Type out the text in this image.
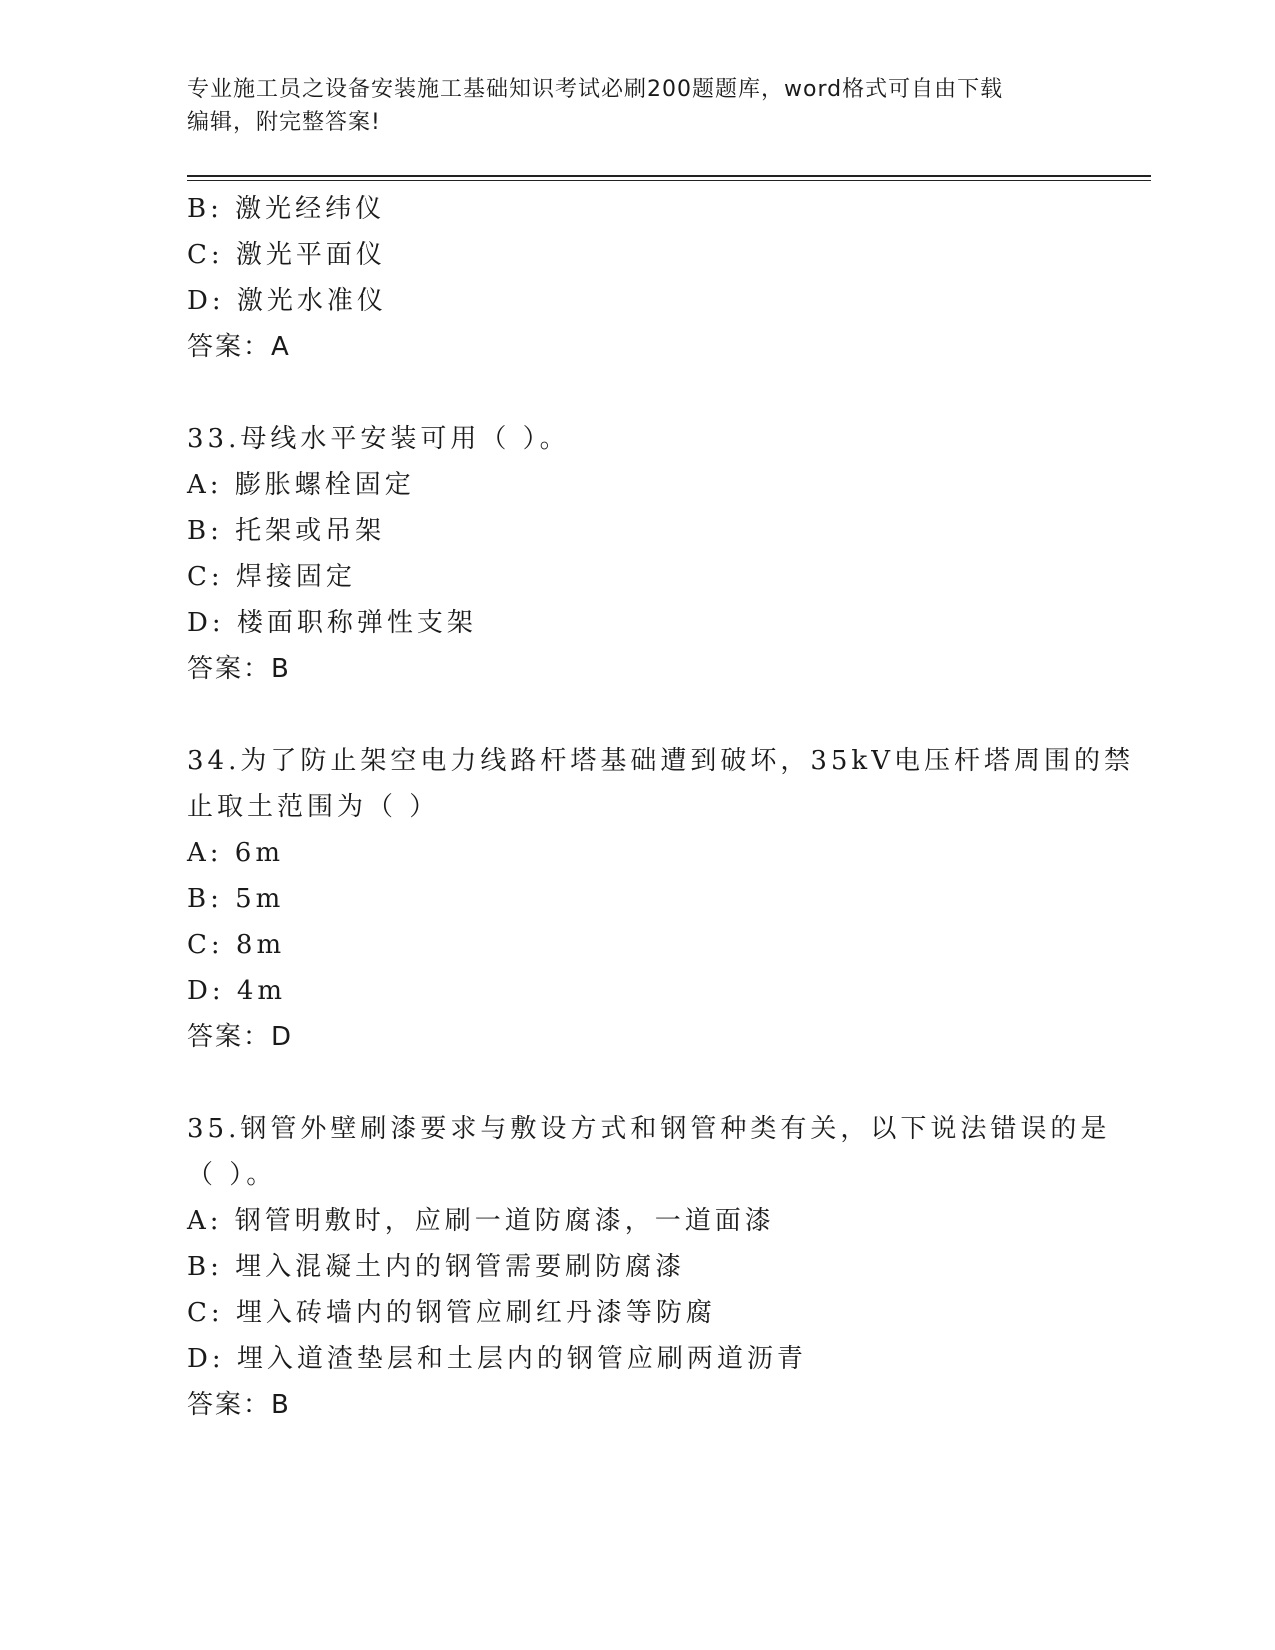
专业施工员之设备安装施工基础知识考试必刷200题题库，word格式可自由下载
编辑，附完整答案!
B: 激光经纬仪
C: 激光平面仪
D: 激光水准仪
答案：A
33.母线水平安装可用（ ）。
A: 膨胀螺栓固定
B: 托架或吊架
C: 焊接固定
D: 楼面职称弹性支架
答案：B
34.为了防止架空电力线路杆塔基础遭到破坏，35kV电压杆塔周围的禁
止取土范围为（ ）
A: 6m
B: 5m
C: 8m
D: 4m
答案：D
35.钢管外壁刷漆要求与敷设方式和钢管种类有关，以下说法错误的是
（ ）。
A: 钢管明敷时，应刷一道防腐漆，一道面漆
B: 埋入混凝土内的钢管需要刷防腐漆
C: 埋入砖墙内的钢管应刷红丹漆等防腐
D: 埋入道渣垫层和土层内的钢管应刷两道沥青
答案：B
